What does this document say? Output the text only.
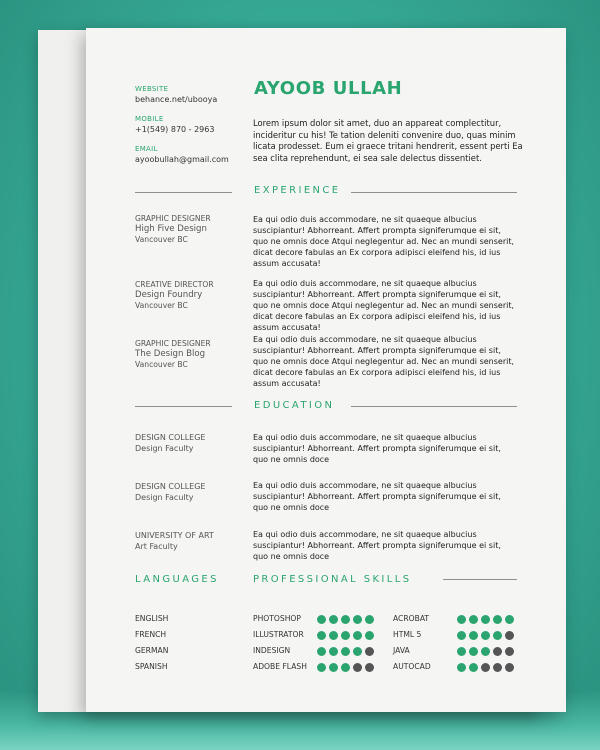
WEBSITE
behance.net/ubooya
MOBILE
+1(549) 870 - 2963
EMAIL
ayoobullah@gmail.com
AYOOB ULLAH
Lorem ipsum dolor sit amet, duo an appareat complectitur, incideritur cu his! Te tation deleniti convenire duo, quas minim licata prodesset. Eum ei graece tritani hendrerit, essent perti Ea sea clita reprehendunt, ei sea sale delectus dissentiet.
EXPERIENCE
GRAPHIC DESIGNER
High Five Design
Vancouver BC
Ea qui odio duis accommodare, ne sit quaeque albucius suscipiantur! Abhorreant. Affert prompta signiferumque ei sit, quo ne omnis doce Atqui neglegentur ad. Nec an mundi senserit, dicat decore fabulas an Ex corpora adipisci eleifend his, id ius assum accusata!
CREATIVE DIRECTOR
Design Foundry
Vancouver BC
Ea qui odio duis accommodare, ne sit quaeque albucius suscipiantur! Abhorreant. Affert prompta signiferumque ei sit, quo ne omnis doce Atqui neglegentur ad. Nec an mundi senserit, dicat decore fabulas an Ex corpora adipisci eleifend his, id ius assum accusata!
GRAPHIC DESIGNER
The Design Blog
Vancouver BC
Ea qui odio duis accommodare, ne sit quaeque albucius suscipiantur! Abhorreant. Affert prompta signiferumque ei sit, quo ne omnis doce Atqui neglegentur ad. Nec an mundi senserit, dicat decore fabulas an Ex corpora adipisci eleifend his, id ius assum accusata!
EDUCATION
DESIGN COLLEGE
Design Faculty
Ea qui odio duis accommodare, ne sit quaeque albucius suscipiantur! Abhorreant. Affert prompta signiferumque ei sit, quo ne omnis doce
DESIGN COLLEGE
Design Faculty
Ea qui odio duis accommodare, ne sit quaeque albucius suscipiantur! Abhorreant. Affert prompta signiferumque ei sit, quo ne omnis doce
UNIVERSITY OF ART
Art Faculty
Ea qui odio duis accommodare, ne sit quaeque albucius suscipiantur! Abhorreant. Affert prompta signiferumque ei sit, quo ne omnis doce
LANGUAGES
ENGLISH
FRENCH
GERMAN
SPANISH
PROFESSIONAL SKILLS
PHOTOSHOP
ILLUSTRATOR
INDESIGN
ADOBE FLASH
ACROBAT
HTML 5
JAVA
AUTOCAD
